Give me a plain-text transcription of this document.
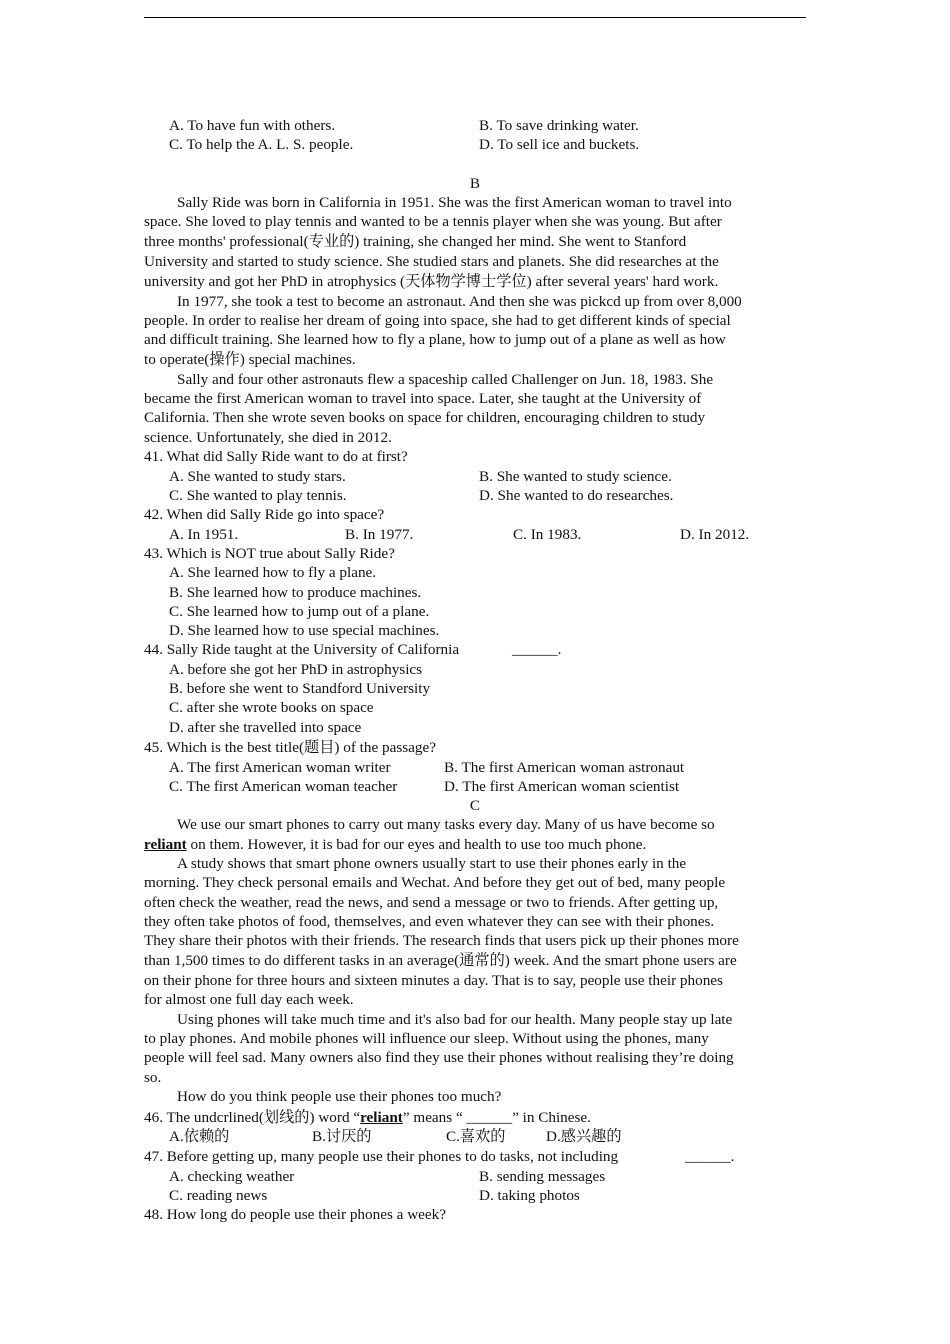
A. To have fun with others.	B. To save drinking water.
C. To help the A. L. S. people.	D. To sell ice and buckets.
B
Sally Ride was born in California in 1951. She was the first American woman to travel into
space. She loved to play tennis and wanted to be a tennis player when she was young. But after
three months' professional(专业的) training, she changed her mind. She went to Stanford
University and started to study science. She studied stars and planets. She did researches at the
university and got her PhD in atrophysics (天体物学博士学位) after several years' hard work.
In 1977, she took a test to become an astronaut. And then she was pickcd up from over 8,000
people. In order to realise her dream of going into space, she had to get different kinds of special
and difficult training. She learned how to fly a plane, how to jump out of a plane as well as how
to operate(操作) special machines.
Sally and four other astronauts flew a spaceship called Challenger on Jun. 18, 1983. She
became the first American woman to travel into space. Later, she taught at the University of
California. Then she wrote seven books on space for children, encouraging children to study
science. Unfortunately, she died in 2012.
41. What did Sally Ride want to do at first?
A. She wanted to study stars.	B. She wanted to study science.
C. She wanted to play tennis.	D. She wanted to do researches.
42. When did Sally Ride go into space?
A. In 1951.	B. In 1977.	C. In 1983.	D. In 2012.
43. Which is NOT true about Sally Ride?
A. She learned how to fly a plane.
B. She learned how to produce machines.
C. She learned how to jump out of a plane.
D. She learned how to use special machines.
44. Sally Ride taught at the University of California	______.
A. before she got her PhD in astrophysics
B. before she went to Standford University
C. after she wrote books on space
D. after she travelled into space
45. Which is the best title(题目) of the passage?
A. The first American woman writer	B. The first American woman astronaut
C. The first American woman teacher	D. The first American woman scientist
C
We use our smart phones to carry out many tasks every day. Many of us have become so
reliant on them. However, it is bad for our eyes and health to use too much phone.
A study shows that smart phone owners usually start to use their phones early in the
morning. They check personal emails and Wechat. And before they get out of bed, many people
often check the weather, read the news, and send a message or two to friends. After getting up,
they often take photos of food, themselves, and even whatever they can see with their phones.
They share their photos with their friends. The research finds that users pick up their phones more
than 1,500 times to do different tasks in an average(通常的) week. And the smart phone users are
on their phone for three hours and sixteen minutes a day. That is to say, people use their phones
for almost one full day each week.
Using phones will take much time and it's also bad for our health. Many people stay up late
to play phones. And mobile phones will influence our sleep. Without using the phones, many
people will feel sad. Many owners also find they use their phones without realising they’re doing
so.
How do you think people use their phones too much?
46. The undcrlined(划线的) word “reliant” means “ ______” in Chinese.
A.依赖的	B.讨厌的	C.喜欢的	D.感兴趣的
47. Before getting up, many people use their phones to do tasks, not including	______.
A. checking weather	B. sending messages
C. reading news	D. taking photos
48. How long do people use their phones a week?
